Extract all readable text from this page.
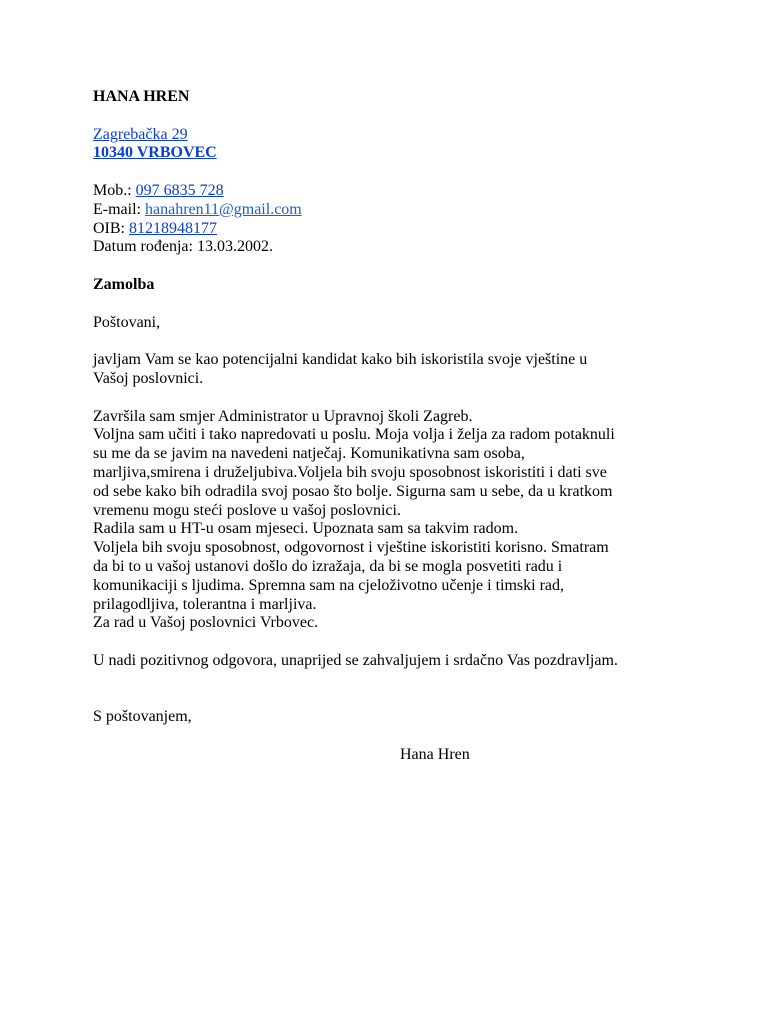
HANA HREN
Zagrebačka 29
10340 VRBOVEC
Mob.: 097 6835 728
E-mail: hanahren11@gmail.com
OIB: 81218948177
Datum rođenja: 13.03.2002.
Zamolba
Poštovani,
javljam Vam se kao potencijalni kandidat kako bih iskoristila svoje vještine u
Vašoj poslovnici.
Završila sam smjer Administrator u Upravnoj školi Zagreb.
Voljna sam učiti i tako napredovati u poslu. Moja volja i želja za radom potaknuli
su me da se javim na navedeni natječaj. Komunikativna sam osoba,
marljiva,smirena i druželjubiva.Voljela bih svoju sposobnost iskoristiti i dati sve
od sebe kako bih odradila svoj posao što bolje. Sigurna sam u sebe, da u kratkom
vremenu mogu steći poslove u vašoj poslovnici.
Radila sam u HT-u osam mjeseci. Upoznata sam sa takvim radom.
Voljela bih svoju sposobnost, odgovornost i vještine iskoristiti korisno. Smatram
da bi to u vašoj ustanovi došlo do izražaja, da bi se mogla posvetiti radu i
komunikaciji s ljudima. Spremna sam na cjeloživotno učenje i timski rad,
prilagodljiva, tolerantna i marljiva.
Za rad u Vašoj poslovnici Vrbovec.
U nadi pozitivnog odgovora, unaprijed se zahvaljujem i srdačno Vas pozdravljam.
S poštovanjem,
Hana Hren
